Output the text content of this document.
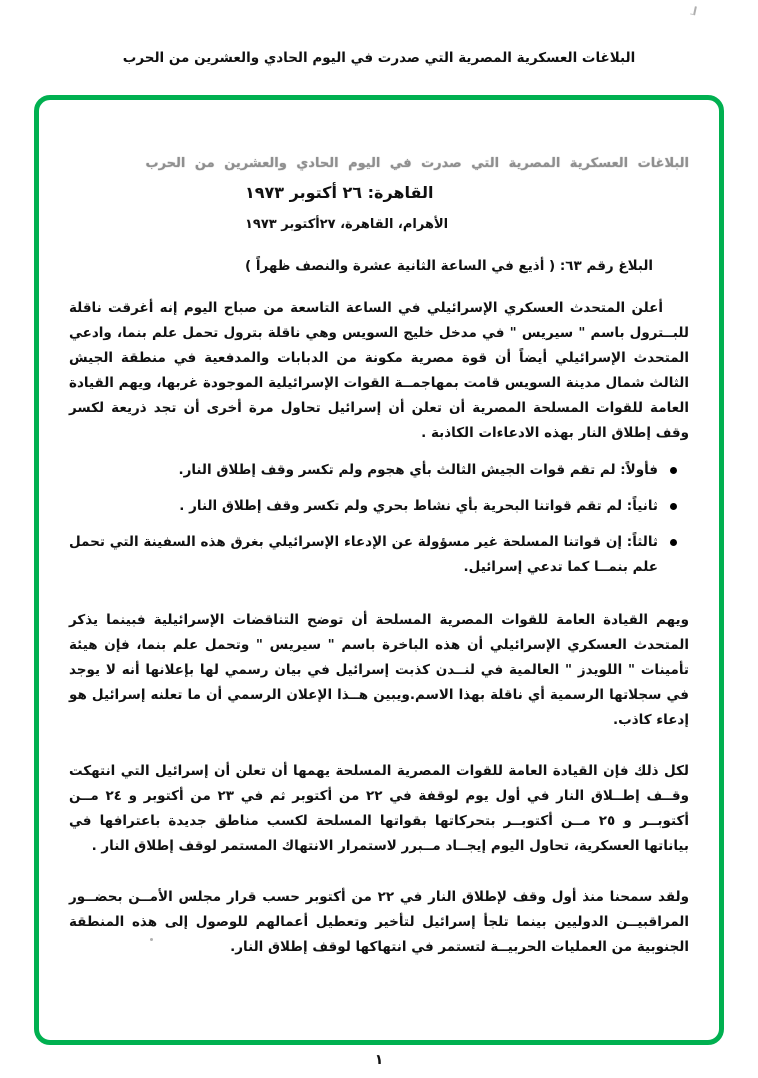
البلاغات العسكرية المصرية التي صدرت في اليوم الحادي والعشرين من الحرب
البلاغات العسكرية المصرية التي صدرت في اليوم الحادي والعشرين من الحرب
القاهرة: ٢٦ أكتوبر ١٩٧٣
الأهرام، القاهرة، ٢٧أكتوبر ١٩٧٣
البلاغ رقم ٦٣: ( أذيع في الساعة الثانية عشرة والنصف ظهراً )

أعلن المتحدث العسكري الإسرائيلي في الساعة التاسعة من صباح اليوم إنه أغرقت ناقلة للبــترول باسم " سيريس " في مدخل خليج السويس وهي ناقلة بترول تحمل علم بنما، وادعي المتحدث الإسرائيلي أيضاً أن قوة مصرية مكونة من الدبابات والمدفعية في منطقة الجيش الثالث شمال مدينة السويس قامت بمهاجمــة القوات الإسرائيلية الموجودة غربها، ويهم القيادة العامة للقوات المسلحة المصرية أن تعلن أن إسرائيل تحاول مرة أخرى أن تجد ذريعة لكسر وقف إطلاق النار بهذه الادعاءات الكاذبة .

فأولاً: لم تقم قوات الجيش الثالث بأي هجوم ولم تكسر وقف إطلاق النار.
ثانياً: لم تقم قواتنا البحرية بأي نشاط بحري ولم تكسر وقف إطلاق النار .
ثالثاً: إن قواتنا المسلحة غير مسؤولة عن الإدعاء الإسرائيلي بغرق هذه السفينة التي تحمل علم بنمــا كما تدعي إسرائيل.

ويهم القيادة العامة للقوات المصرية المسلحة أن توضح التناقضات الإسرائيلية فبينما يذكر المتحدث العسكري الإسرائيلي أن هذه الباخرة باسم " سيريس " وتحمل علم بنما، فإن هيئة تأمينات " اللويدز " العالمية في لنــدن كذبت إسرائيل في بيان رسمي لها بإعلانها أنه لا يوجد في سجلاتها الرسمية أي ناقلة بهذا الاسم.ويبين هــذا الإعلان الرسمي أن ما تعلنه إسرائيل هو إدعاء كاذب.

لكل ذلك فإن القيادة العامة للقوات المصرية المسلحة يهمها أن تعلن أن إسرائيل التي انتهكت وقــف إطــلاق النار في أول يوم لوقفة في ٢٢ من أكتوبر ثم في ٢٣ من أكتوبر و ٢٤ مــن أكتوبــر و ٢٥ مــن أكتوبــر بتحركاتها بقواتها المسلحة لكسب مناطق جديدة باعترافها في بياناتها العسكرية، تحاول اليوم إيجــاد مــبرر لاستمرار الانتهاك المستمر لوقف إطلاق النار .

ولقد سمحنا منذ أول وقف لإطلاق النار في ٢٢ من أكتوبر حسب قرار مجلس الأمــن بحضــور المراقبيــن الدوليين بينما تلجأ إسرائيل لتأخير وتعطيل أعمالهم للوصول إلى هذه المنطقة الجنوبية من العمليات الحربيــة لتستمر في انتهاكها لوقف إطلاق النار.

١
